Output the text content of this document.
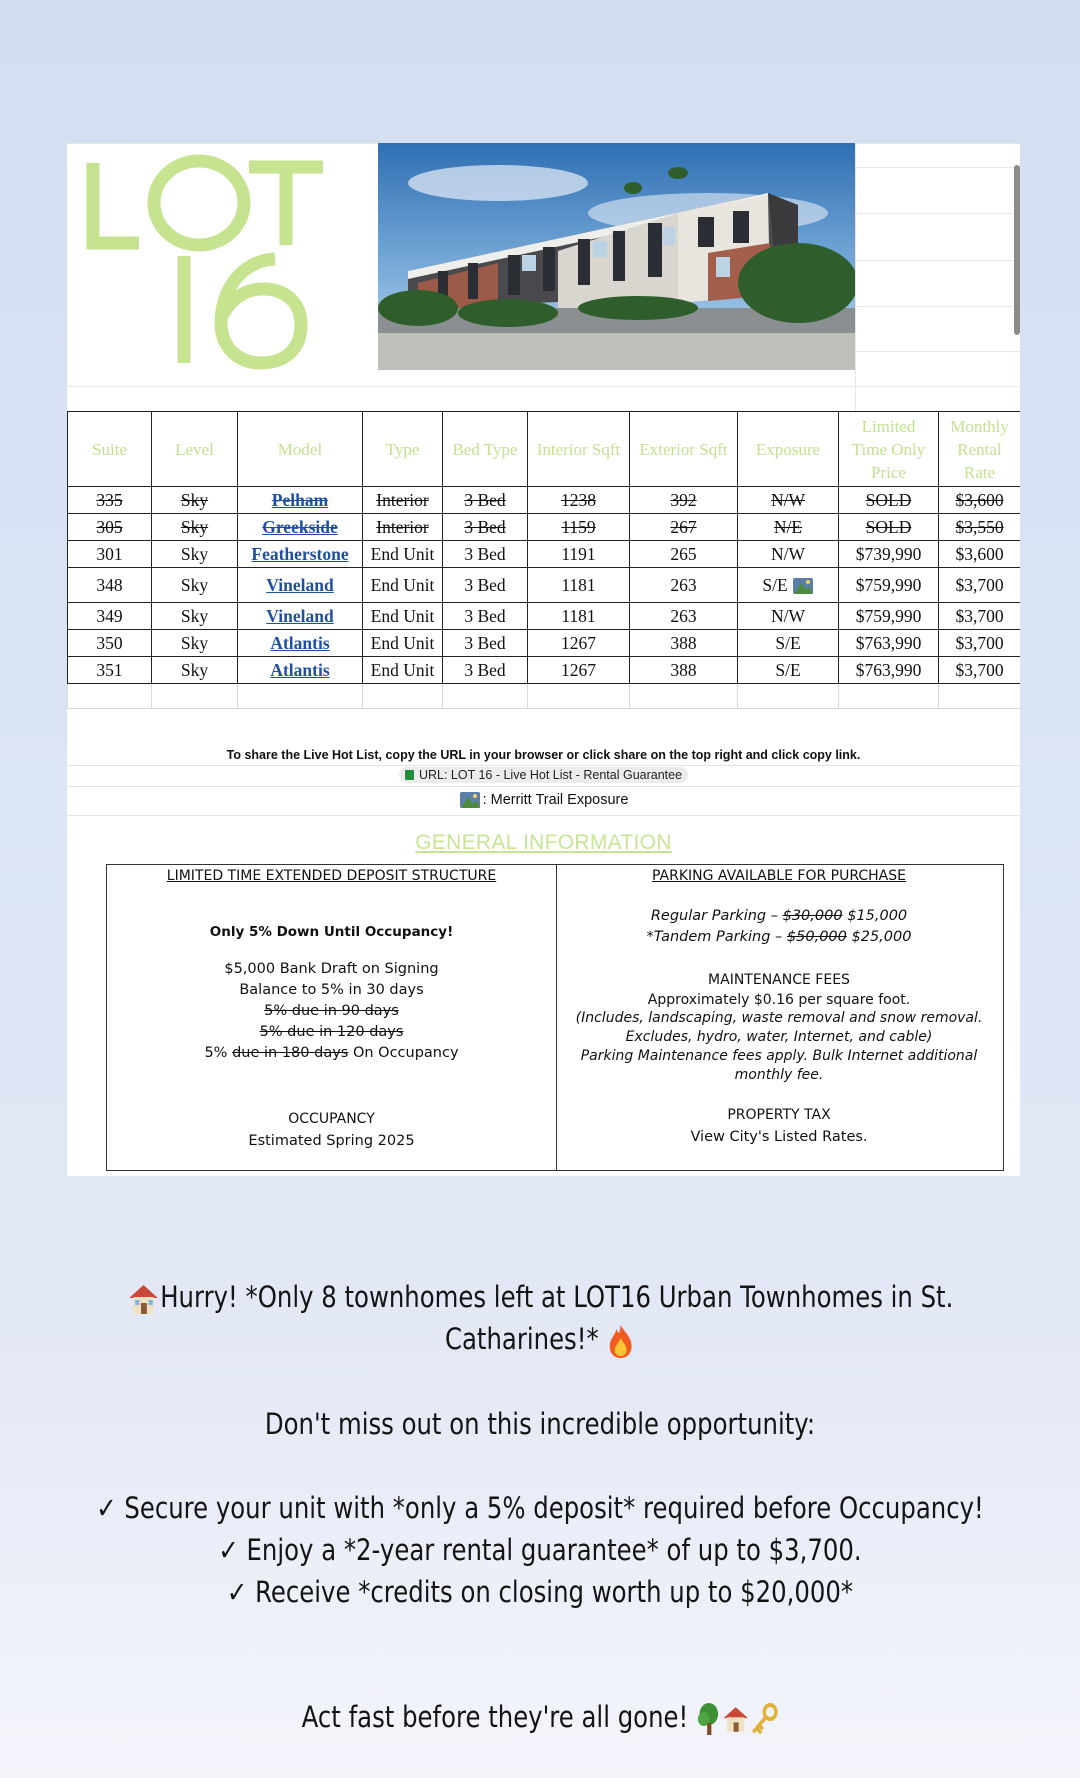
Suite	Level	Model	Type	Bed Type	Interior Sqft	Exterior Sqft	Exposure	Limited Time Only Price	Monthly Rental Rate
335	Sky	Pelham	Interior	3 Bed	1238	392	N/W	SOLD	$3,600
305	Sky	Greekside	Interior	3 Bed	1159	267	N/E	SOLD	$3,550
301	Sky	Featherstone	End Unit	3 Bed	1191	265	N/W	$739,990	$3,600
348	Sky	Vineland	End Unit	3 Bed	1181	263	S/E	$759,990	$3,700
349	Sky	Vineland	End Unit	3 Bed	1181	263	N/W	$759,990	$3,700
350	Sky	Atlantis	End Unit	3 Bed	1267	388	S/E	$763,990	$3,700
351	Sky	Atlantis	End Unit	3 Bed	1267	388	S/E	$763,990	$3,700

To share the Live Hot List, copy the URL in your browser or click share on the top right and click copy link.
URL: LOT 16 - Live Hot List - Rental Guarantee
: Merritt Trail Exposure
GENERAL INFORMATION
LIMITED TIME EXTENDED DEPOSIT STRUCTURE
Only 5% Down Until Occupancy!
$5,000 Bank Draft on Signing
Balance to 5% in 30 days
5% due in 90 days
5% due in 120 days
5% due in 180 days On Occupancy
OCCUPANCY
Estimated Spring 2025
PARKING AVAILABLE FOR PURCHASE
Regular Parking – $30,000 $15,000
*Tandem Parking – $50,000 $25,000
MAINTENANCE FEES
Approximately $0.16 per square foot.
(Includes, landscaping, waste removal and snow removal.
Excludes, hydro, water, Internet, and cable)
Parking Maintenance fees apply. Bulk Internet additional
monthly fee.
PROPERTY TAX
View City's Listed Rates.
Hurry! *Only 8 townhomes left at LOT16 Urban Townhomes in St.
Catharines!*
Don't miss out on this incredible opportunity:
✓ Secure your unit with *only a 5% deposit* required before Occupancy!
✓ Enjoy a *2-year rental guarantee* of up to $3,700.
✓ Receive *credits on closing worth up to $20,000*
Act fast before they're all gone!
